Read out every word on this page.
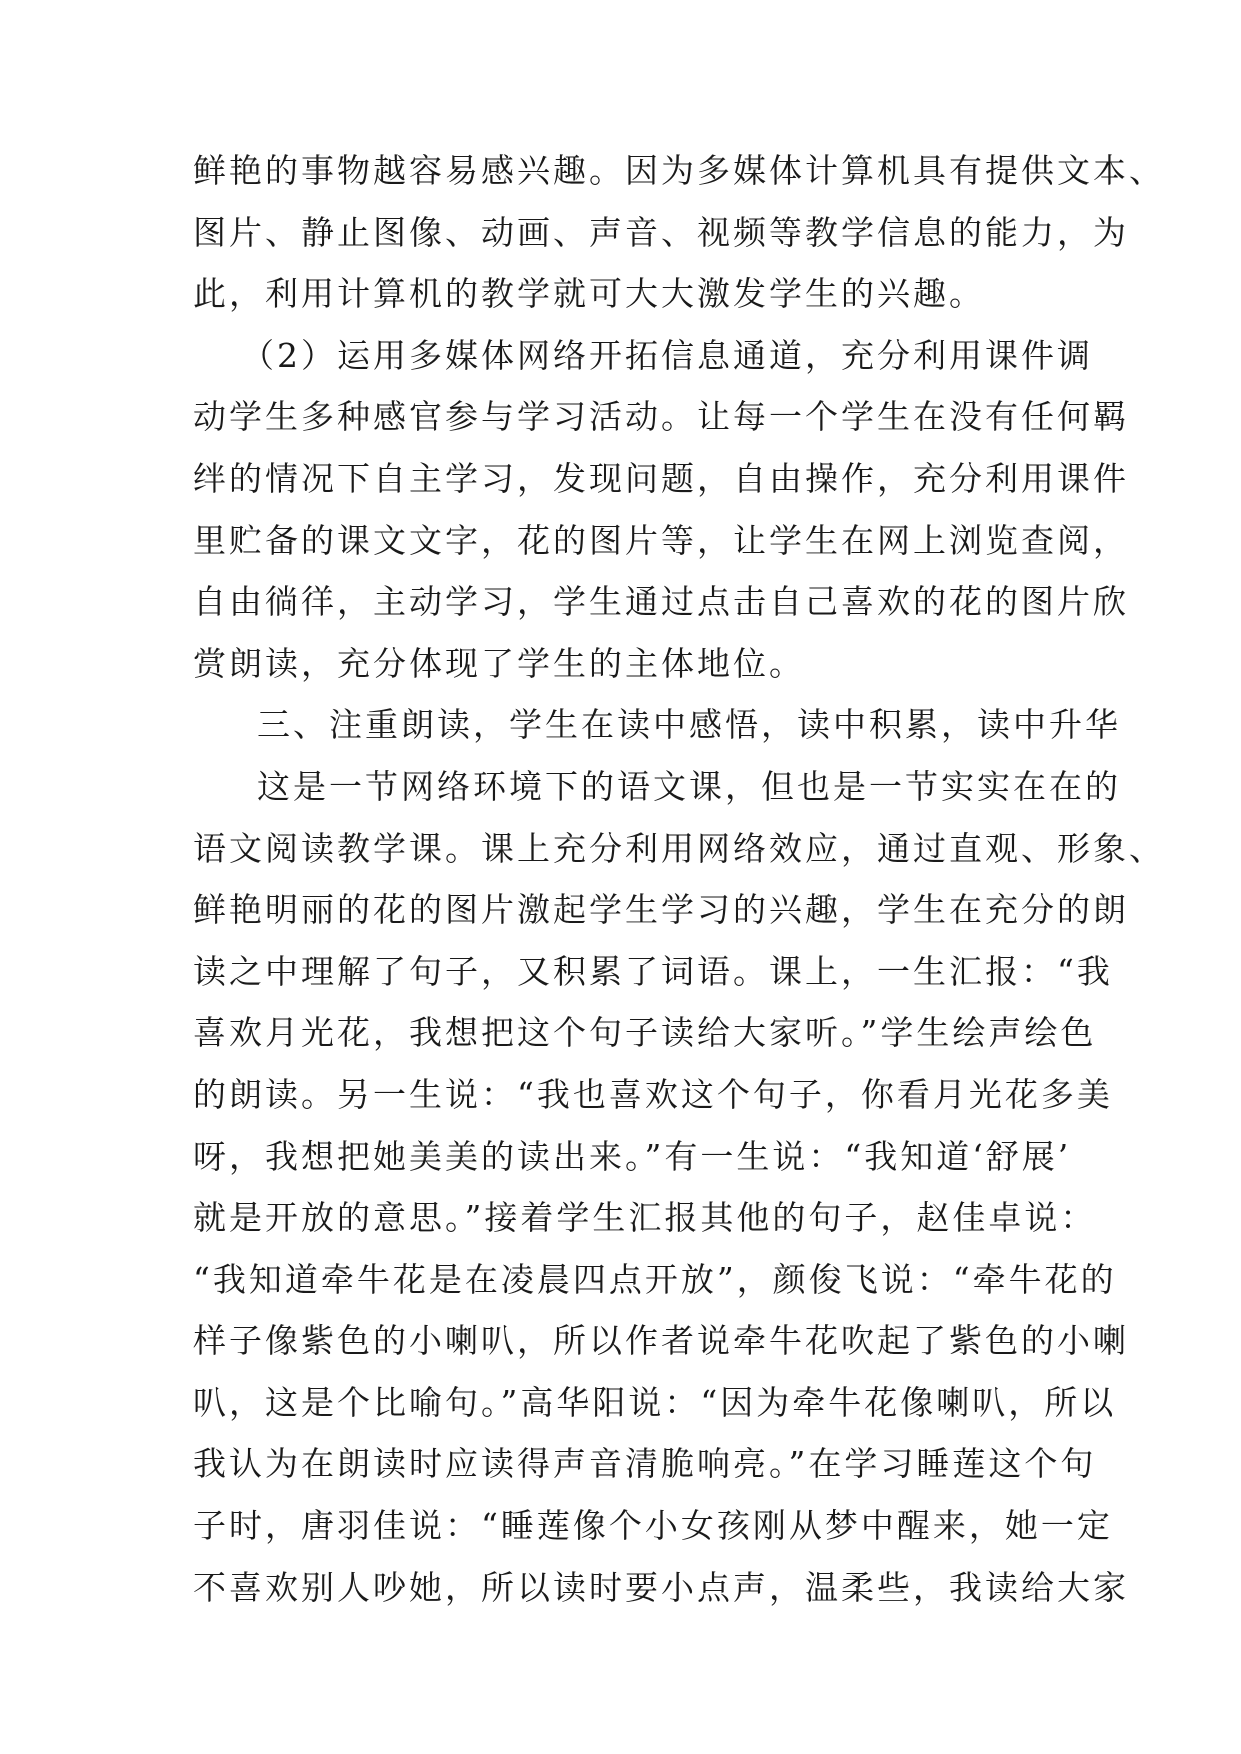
鲜艳的事物越容易感兴趣。因为多媒体计算机具有提供文本、
图片、静止图像、动画、声音、视频等教学信息的能力，为
此，利用计算机的教学就可大大激发学生的兴趣。
（2）运用多媒体网络开拓信息通道，充分利用课件调
动学生多种感官参与学习活动。让每一个学生在没有任何羁
绊的情况下自主学习，发现问题，自由操作，充分利用课件
里贮备的课文文字，花的图片等，让学生在网上浏览查阅，
自由徜徉，主动学习，学生通过点击自己喜欢的花的图片欣
赏朗读，充分体现了学生的主体地位。
三、注重朗读，学生在读中感悟，读中积累，读中升华
这是一节网络环境下的语文课，但也是一节实实在在的
语文阅读教学课。课上充分利用网络效应，通过直观、形象、
鲜艳明丽的花的图片激起学生学习的兴趣，学生在充分的朗
读之中理解了句子，又积累了词语。课上，一生汇报：“我
喜欢月光花，我想把这个句子读给大家听。”学生绘声绘色
的朗读。另一生说：“我也喜欢这个句子，你看月光花多美
呀，我想把她美美的读出来。”有一生说：“我知道‘舒展’
就是开放的意思。”接着学生汇报其他的句子，赵佳卓说：
“我知道牵牛花是在凌晨四点开放”，颜俊飞说：“牵牛花的
样子像紫色的小喇叭，所以作者说牵牛花吹起了紫色的小喇
叭，这是个比喻句。”高华阳说：“因为牵牛花像喇叭，所以
我认为在朗读时应读得声音清脆响亮。”在学习睡莲这个句
子时，唐羽佳说：“睡莲像个小女孩刚从梦中醒来，她一定
不喜欢别人吵她，所以读时要小点声，温柔些，我读给大家
